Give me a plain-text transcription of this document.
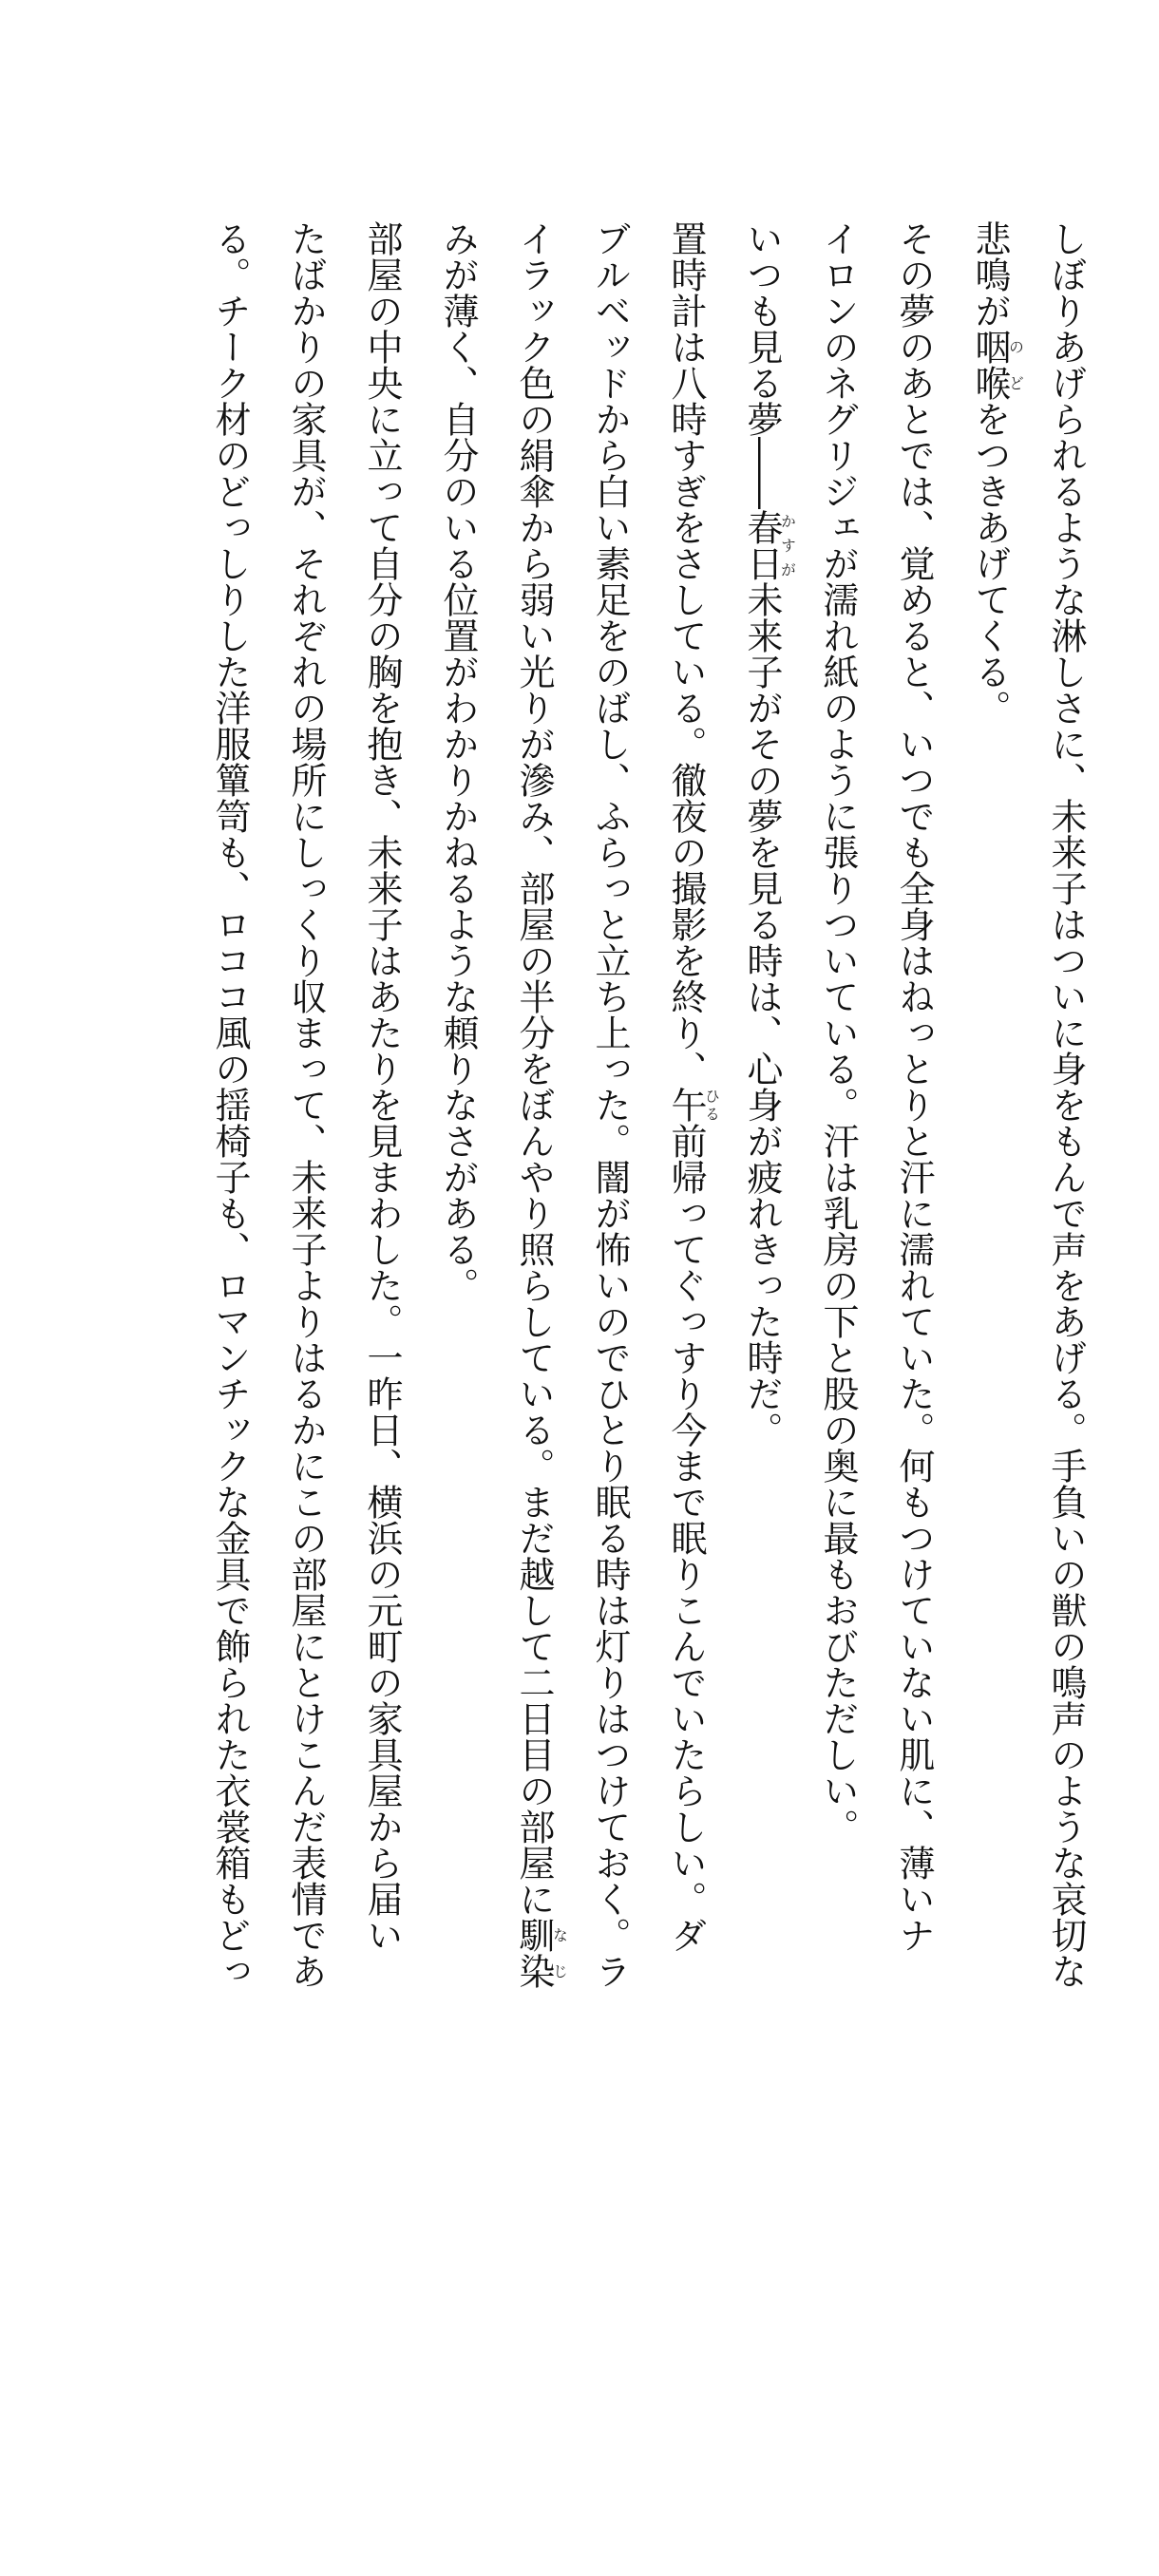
しぼりあげられるような淋しさに、未来子はついに身をもんで声をあげる。手負いの獣の鳴声のような哀切な
悲鳴が咽喉のどをつきあげてくる。
その夢のあとでは、覚めると、いつでも全身はねっとりと汗に濡れていた。何もつけていない肌に、薄いナ
イロンのネグリジェが濡れ紙のように張りついている。汗は乳房の下と股の奥に最もおびただしい。
いつも見る夢――春日かすが未来子がその夢を見る時は、心身が疲れきった時だ。
置時計は八時すぎをさしている。徹夜の撮影を終り、午ひる前帰ってぐっすり今まで眠りこんでいたらしい。ダ
ブルベッドから白い素足をのばし、ふらっと立ち上った。闇が怖いのでひとり眠る時は灯りはつけておく。ラ
イラック色の絹傘から弱い光りが滲み、部屋の半分をぼんやり照らしている。まだ越して二日目の部屋に馴染なじ
みが薄く、自分のいる位置がわかりかねるような頼りなさがある。
部屋の中央に立って自分の胸を抱き、未来子はあたりを見まわした。一昨日、横浜の元町の家具屋から届い
たばかりの家具が、それぞれの場所にしっくり収まって、未来子よりはるかにこの部屋にとけこんだ表情であ
る。チーク材のどっしりした洋服簞笥も、ロココ風の揺椅子も、ロマンチックな金具で飾られた衣裳箱もどっ
